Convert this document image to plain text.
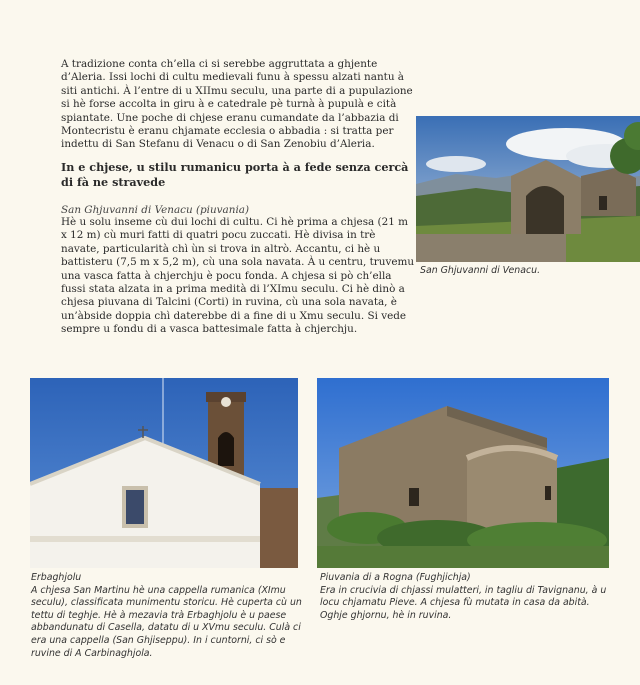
A tradizione conta ch’ella ci si serebbe aggruttata a ghjente d’Aleria. Issi lochi di cultu medievali funu à spessu alzati nantu à siti antichi. À l’entre di u XIImu seculu, una parte di a pupulazione si hè forse accolta in giru à e catedrale pè turnà à pupulà e cità spiantate. Une poche di chjese eranu cumandate da l’abbazia di Montecristu è eranu chjamate ecclesia o abbadia : si tratta per indettu di San Stefanu di Venacu o di San Zenobiu d’Aleria.

In e chjese, u stilu rumanicu porta à a fede senza cercà di fà ne stravede

San Ghjuvanni di Venacu (piuvania)

Hè u solu inseme cù dui lochi di cultu. Ci hè prima a chjesa (21 m x 12 m) cù muri fatti di quatri pocu zuccati. Hè divisa in trè navate, particularità chì ùn si trova in altrò. Accantu, ci hè u battisteru (7,5 m x 5,2 m), cù una sola navata. À u centru, truvemu una vasca fatta à chjerchju è pocu fonda. A chjesa si pò ch’ella fussi stata alzata in a prima medità di l’XImu seculu. Ci hè dinò a chjesa piuvana di Talcini (Corti) in ruvina, cù una sola navata, è un’àbside doppia chì daterebbe di a fine di u Xmu seculu. Si vede sempre u fondu di a vasca battesimale fatta à chjerchju.

San Ghjuvanni di Venacu.
Erbaghjolu
A chjesa San Martinu hè una cappella rumanica (XImu seculu), classificata munimentu storicu. Hè cuperta cù un tettu di teghje. Hè à mezavia trà Erbaghjolu è u paese abbandunatu di Casella, datatu di u XVmu seculu. Culà ci era una cappella (San Ghjiseppu). In i cuntorni, ci sò e ruvine di A Carbinaghjola.
Piuvania di a Rogna (Fughjichja)
Era in crucivia di chjassi mulatteri, in tagliu di Tavignanu, à u locu chjamatu Pieve. A chjesa fù mutata in casa da abità. Oghje ghjornu, hè in ruvina.
